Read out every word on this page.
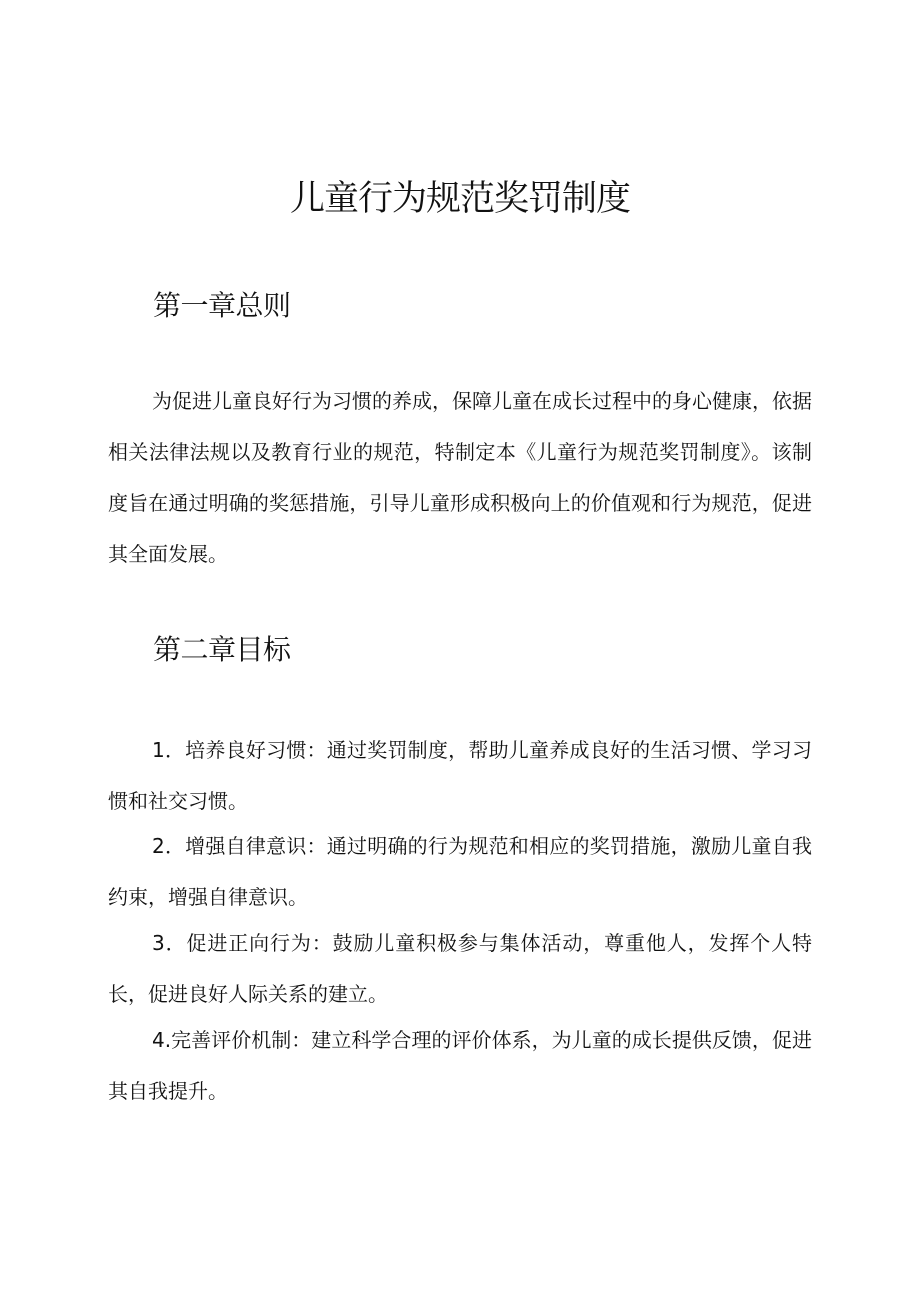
儿童行为规范奖罚制度
第一章总则

为促进儿童良好行为习惯的养成，保障儿童在成长过程中的身心健康，依据相关法律法规以及教育行业的规范，特制定本《儿童行为规范奖罚制度》。该制度旨在通过明确的奖惩措施，引导儿童形成积极向上的价值观和行为规范，促进其全面发展。

第二章目标

1．培养良好习惯：通过奖罚制度，帮助儿童养成良好的生活习惯、学习习惯和社交习惯。

2．增强自律意识：通过明确的行为规范和相应的奖罚措施，激励儿童自我约束，增强自律意识。

3．促进正向行为：鼓励儿童积极参与集体活动，尊重他人，发挥个人特长，促进良好人际关系的建立。

4.完善评价机制：建立科学合理的评价体系，为儿童的成长提供反馈，促进其自我提升。
